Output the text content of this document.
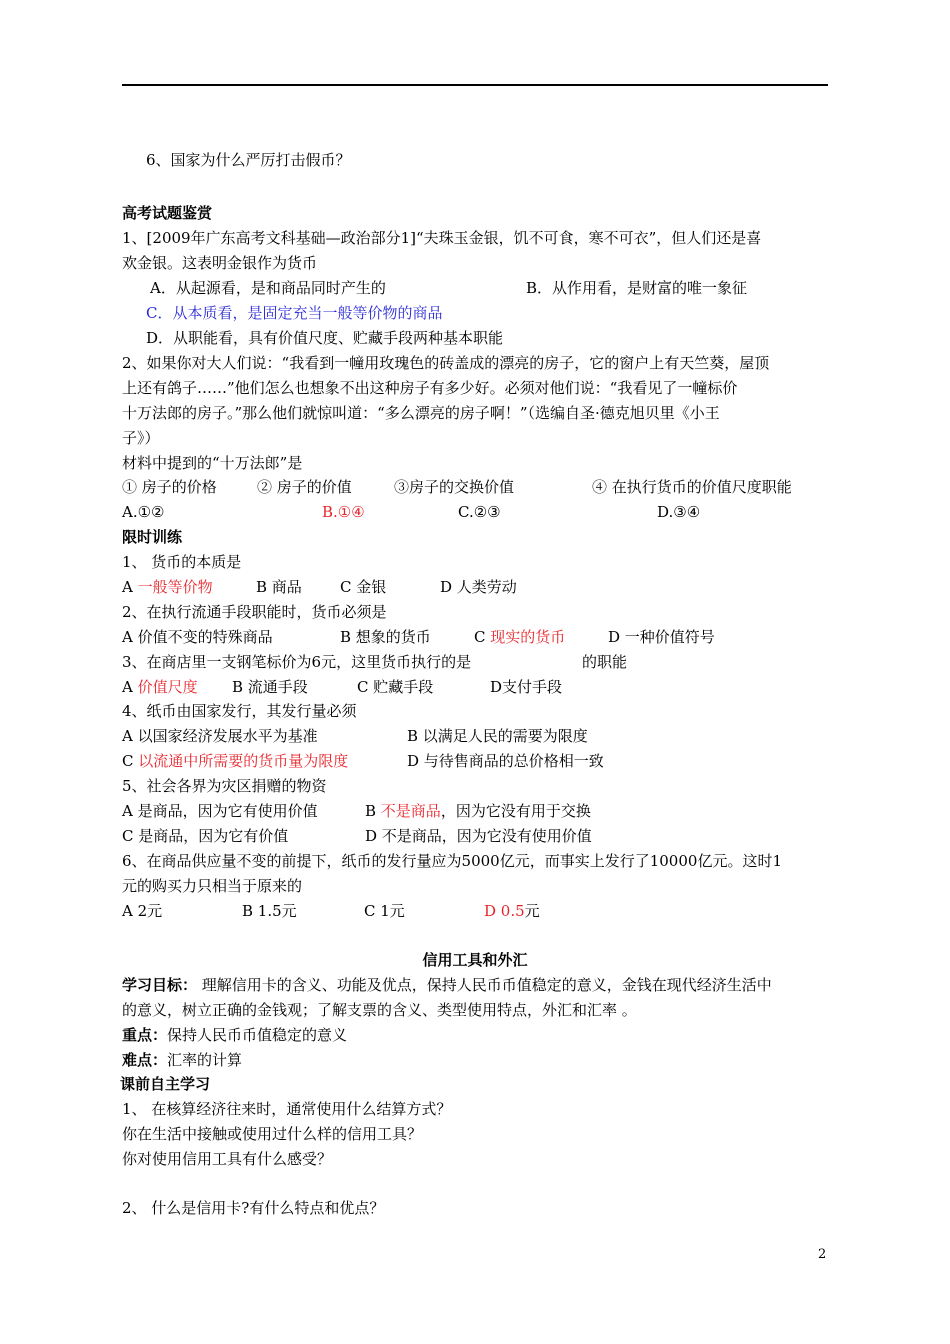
6、国家为什么严厉打击假币？
高考试题鉴赏
1、[2009年广东高考文科基础—政治部分1]“夫珠玉金银，饥不可食，寒不可衣”，但人们还是喜
欢金银。这表明金银作为货币
A．从起源看，是和商品同时产生的	B．从作用看，是财富的唯一象征
C．从本质看，是固定充当一般等价物的商品
D．从职能看，具有价值尺度、贮藏手段两种基本职能
2、如果你对大人们说：“我看到一幢用玫瑰色的砖盖成的漂亮的房子，它的窗户上有天竺葵，屋顶
上还有鸽子……”他们怎么也想象不出这种房子有多少好。必须对他们说：“我看见了一幢标价
十万法郎的房子。”那么他们就惊叫道：“多么漂亮的房子啊！”（选编自圣·德克旭贝里《小王
子》）
材料中提到的“十万法郎”是
① 房子的价格	② 房子的价值	③房子的交换价值	④ 在执行货币的价值尺度职能
A.①②	B.①④	C.②③	D.③④
限时训练
1、 货币的本质是
A 一般等价物	B 商品	C 金银	D 人类劳动
2、在执行流通手段职能时，货币必须是
A 价值不变的特殊商品	B 想象的货币	C 现实的货币	D 一种价值符号
3、在商店里一支钢笔标价为6元，这里货币执行的是	的职能
A 价值尺度 B 流通手段	C 贮藏手段	D支付手段
4、纸币由国家发行，其发行量必须
A 以国家经济发展水平为基准	B 以满足人民的需要为限度
C 以流通中所需要的货币量为限度	D 与待售商品的总价格相一致
5、社会各界为灾区捐赠的物资
A 是商品，因为它有使用价值	B 不是商品，因为它没有用于交换
C 是商品，因为它有价值	D 不是商品，因为它没有使用价值
6、在商品供应量不变的前提下，纸币的发行量应为5000亿元，而事实上发行了10000亿元。这时1
元的购买力只相当于原来的
A 2元	B 1.5元	C 1元	D 0.5元
信用工具和外汇
学习目标： 理解信用卡的含义、功能及优点，保持人民币币值稳定的意义，金钱在现代经济生活中
的意义，树立正确的金钱观；了解支票的含义、类型使用特点，外汇和汇率 。
重点：保持人民币币值稳定的意义
难点：汇率的计算
课前自主学习
1、 在核算经济往来时，通常使用什么结算方式？
你在生活中接触或使用过什么样的信用工具？
你对使用信用工具有什么感受？
2、 什么是信用卡?有什么特点和优点？
2
